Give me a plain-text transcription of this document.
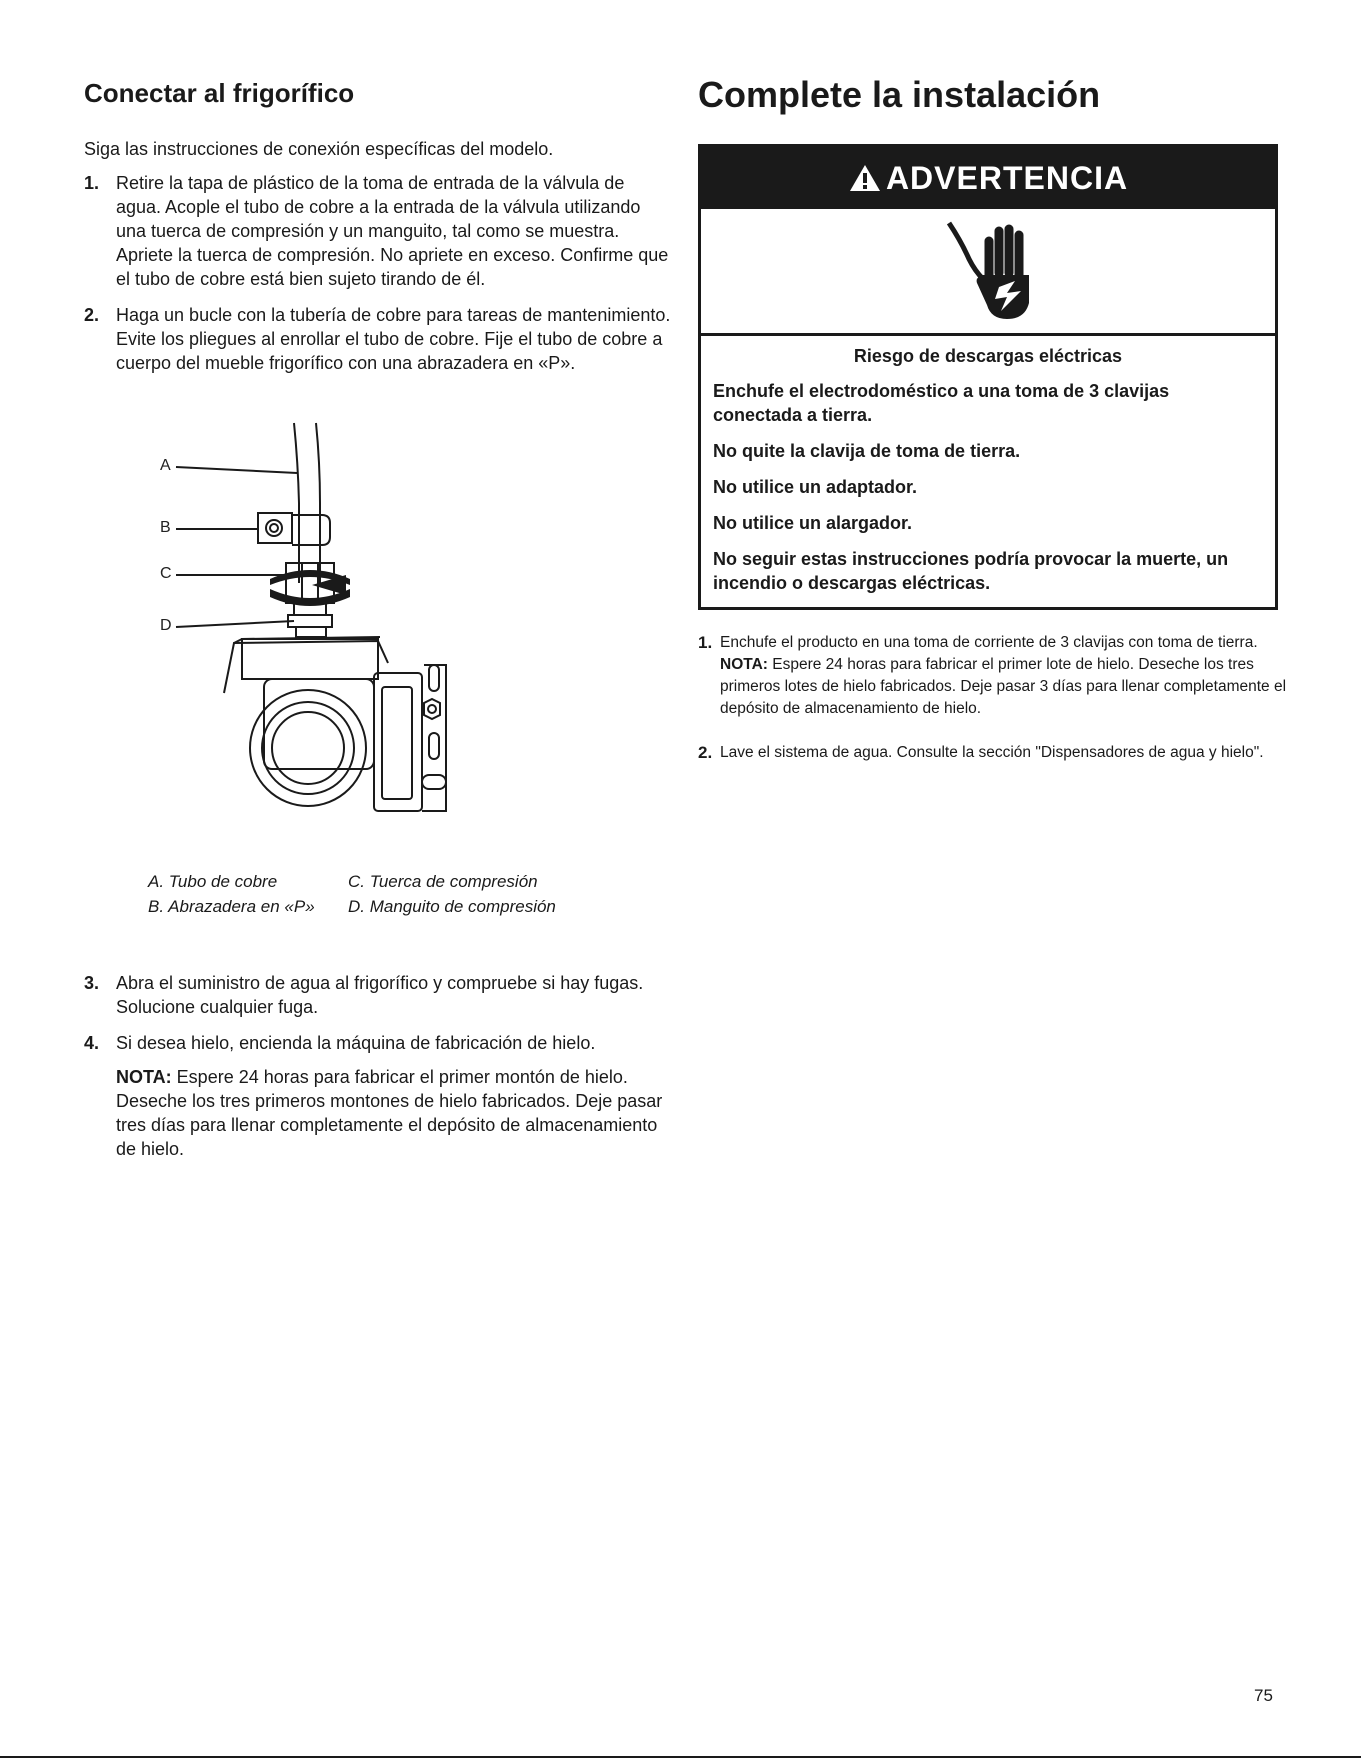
Conectar al frigorífico

Siga las instrucciones de conexión específicas del modelo.

1. Retire la tapa de plástico de la toma de entrada de la válvula de agua. Acople el tubo de cobre a la entrada de la válvula utilizando una tuerca de compresión y un manguito, tal como se muestra. Apriete la tuerca de compresión. No apriete en exceso. Confirme que el tubo de cobre está bien sujeto tirando de él.
2. Haga un bucle con la tubería de cobre para tareas de mantenimiento. Evite los pliegues al enrollar el tubo de cobre. Fije el tubo de cobre a cuerpo del mueble frigorífico con una abrazadera en «P».
A
B
C
D
A. Tubo de cobre	C. Tuerca de compresión
B. Abrazadera en «P»	D. Manguito de compresión
3. Abra el suministro de agua al frigorífico y compruebe si hay fugas. Solucione cualquier fuga.
4. Si desea hielo, encienda la máquina de fabricación de hielo.
NOTA: Espere 24 horas para fabricar el primer montón de hielo. Deseche los tres primeros montones de hielo fabricados. Deje pasar tres días para llenar completamente el depósito de almacenamiento de hielo.
Complete la instalación
ADVERTENCIA

Riesgo de descargas eléctricas

Enchufe el electrodoméstico a una toma de 3 clavijas conectada a tierra.

No quite la clavija de toma de tierra.

No utilice un adaptador.

No utilice un alargador.

No seguir estas instrucciones podría provocar la muerte, un incendio o descargas eléctricas.

1. Enchufe el producto en una toma de corriente de 3 clavijas con toma de tierra.
NOTA: Espere 24 horas para fabricar el primer lote de hielo. Deseche los tres primeros lotes de hielo fabricados. Deje pasar 3 días para llenar completamente el depósito de almacenamiento de hielo.
2. Lave el sistema de agua. Consulte la sección "Dispensadores de agua y hielo".
75
